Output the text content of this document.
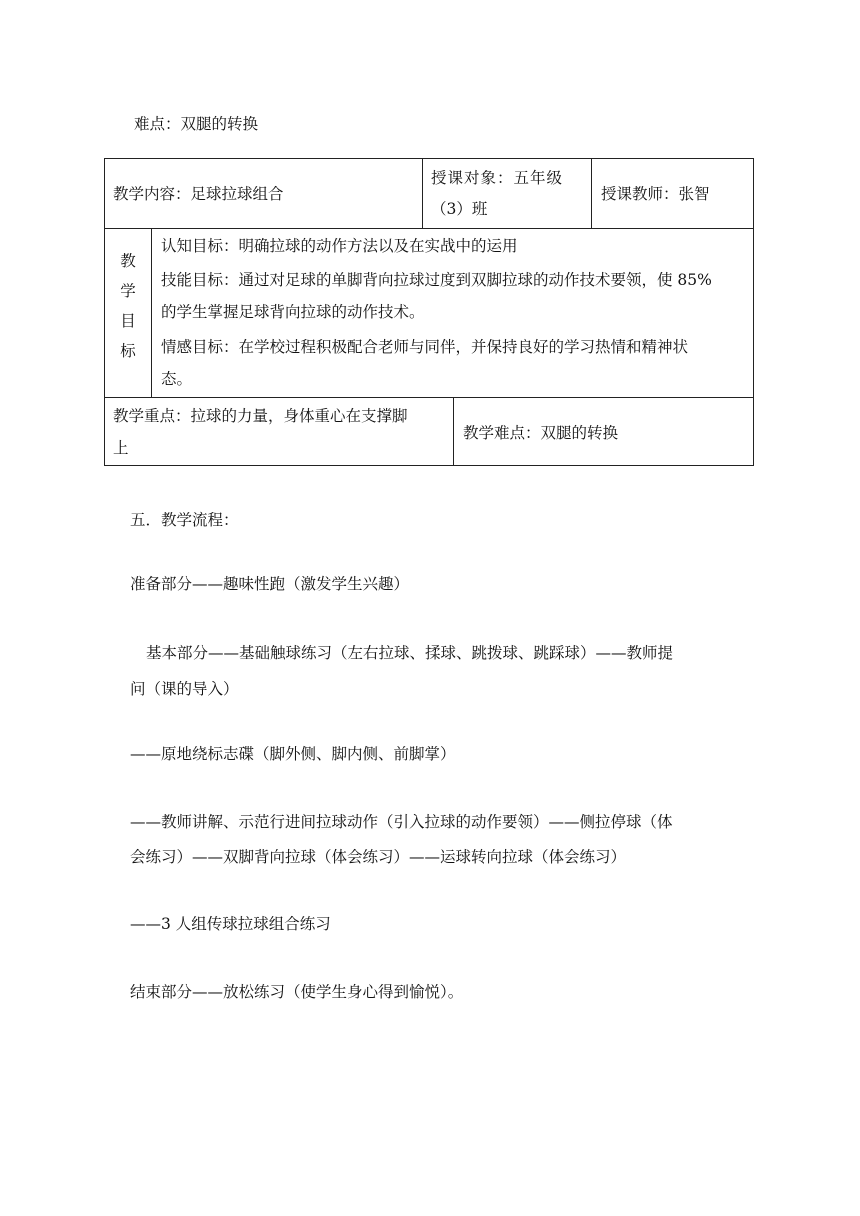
难点：双腿的转换
教学内容：足球拉球组合
授课对象：五年级
（3）班
授课教师：张智
教
学
目
标
认知目标：明确拉球的动作方法以及在实战中的运用
技能目标：通过对足球的单脚背向拉球过度到双脚拉球的动作技术要领，使 85%
的学生掌握足球背向拉球的动作技术。
情感目标：在学校过程积极配合老师与同伴，并保持良好的学习热情和精神状
态。
教学重点：拉球的力量，身体重心在支撑脚
上
教学难点：双腿的转换
五．教学流程：
准备部分——趣味性跑（激发学生兴趣）
基本部分——基础触球练习（左右拉球、揉球、跳拨球、跳踩球）——教师提
问（课的导入）
——原地绕标志碟（脚外侧、脚内侧、前脚掌）
——教师讲解、示范行进间拉球动作（引入拉球的动作要领）——侧拉停球（体
会练习）——双脚背向拉球（体会练习）——运球转向拉球（体会练习）
——3 人组传球拉球组合练习
结束部分——放松练习（使学生身心得到愉悦）。
